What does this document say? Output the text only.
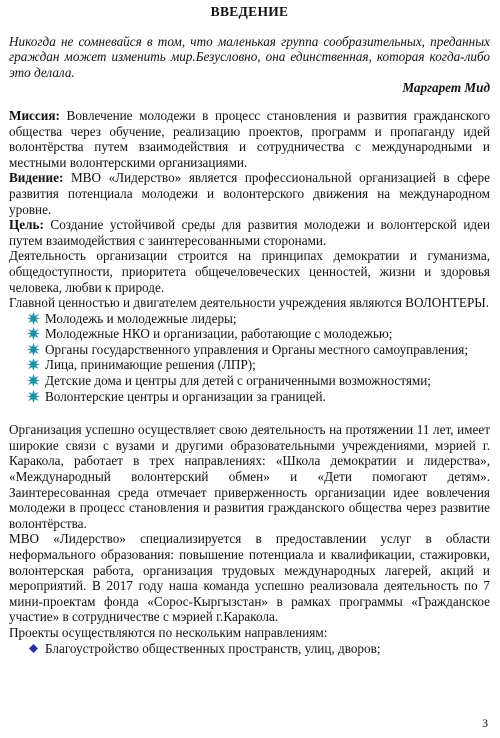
ВВЕДЕНИЕ

Никогда не сомневайся в том, что маленькая группа сообразительных, преданных граждан может изменить мир.Безусловно, она единственная, которая когда-либо это делала.

Маргарет Мид

Миссия: Вовлечение молодежи в процесс становления и развития гражданского общества через обучение, реализацию проектов, программ и пропаганду идей волонтёрства путем взаимодействия и сотрудничества с международными и местными волонтерскими организациями.

Видение: МВО «Лидерство» является профессиональной организацией в сфере развития потенциала молодежи и волонтерского движения на международном уровне.

Цель: Создание устойчивой среды для развития молодежи и волонтерской идеи путем взаимодействия с заинтересованными сторонами.

Деятельность организации строится на принципах демократии и гуманизма, общедоступности, приоритета общечеловеческих ценностей, жизни и здоровья человека, любви к природе.

Главной ценностью и двигателем деятельности учреждения являются ВОЛОНТЕРЫ.

Молодежь и молодежные лидеры;
Молодежные НКО и организации, работающие с молодежью;
Органы государственного управления и Органы местного самоуправления;
Лица, принимающие решения (ЛПР);
Детские дома и центры для детей с ограниченными возможностями;
Волонтерские центры и организации за границей.

Организация успешно осуществляет свою деятельность на протяжении 11 лет, имеет широкие связи с вузами и другими образовательными учреждениями, мэрией г. Каракола, работает в трех направлениях: «Школа демократии и лидерства», «Международный волонтерский обмен» и «Дети помогают детям». Заинтересованная среда отмечает приверженность организации идее вовлечения молодежи в процесс становления и развития гражданского общества через развитие волонтёрства.

МВО «Лидерство» специализируется в предоставлении услуг в области неформального образования: повышение потенциала и квалификации, стажировки, волонтерская работа, организация трудовых международных лагерей, акций и мероприятий. В 2017 году наша команда успешно реализовала деятельность по 7 мини-проектам фонда «Сорос-Кыргызстан» в рамках программы «Гражданское участие» в сотрудничестве с мэрией г.Каракола.

Проекты осуществляются по нескольким направлениям:

Благоустройство общественных пространств, улиц, дворов;
3
